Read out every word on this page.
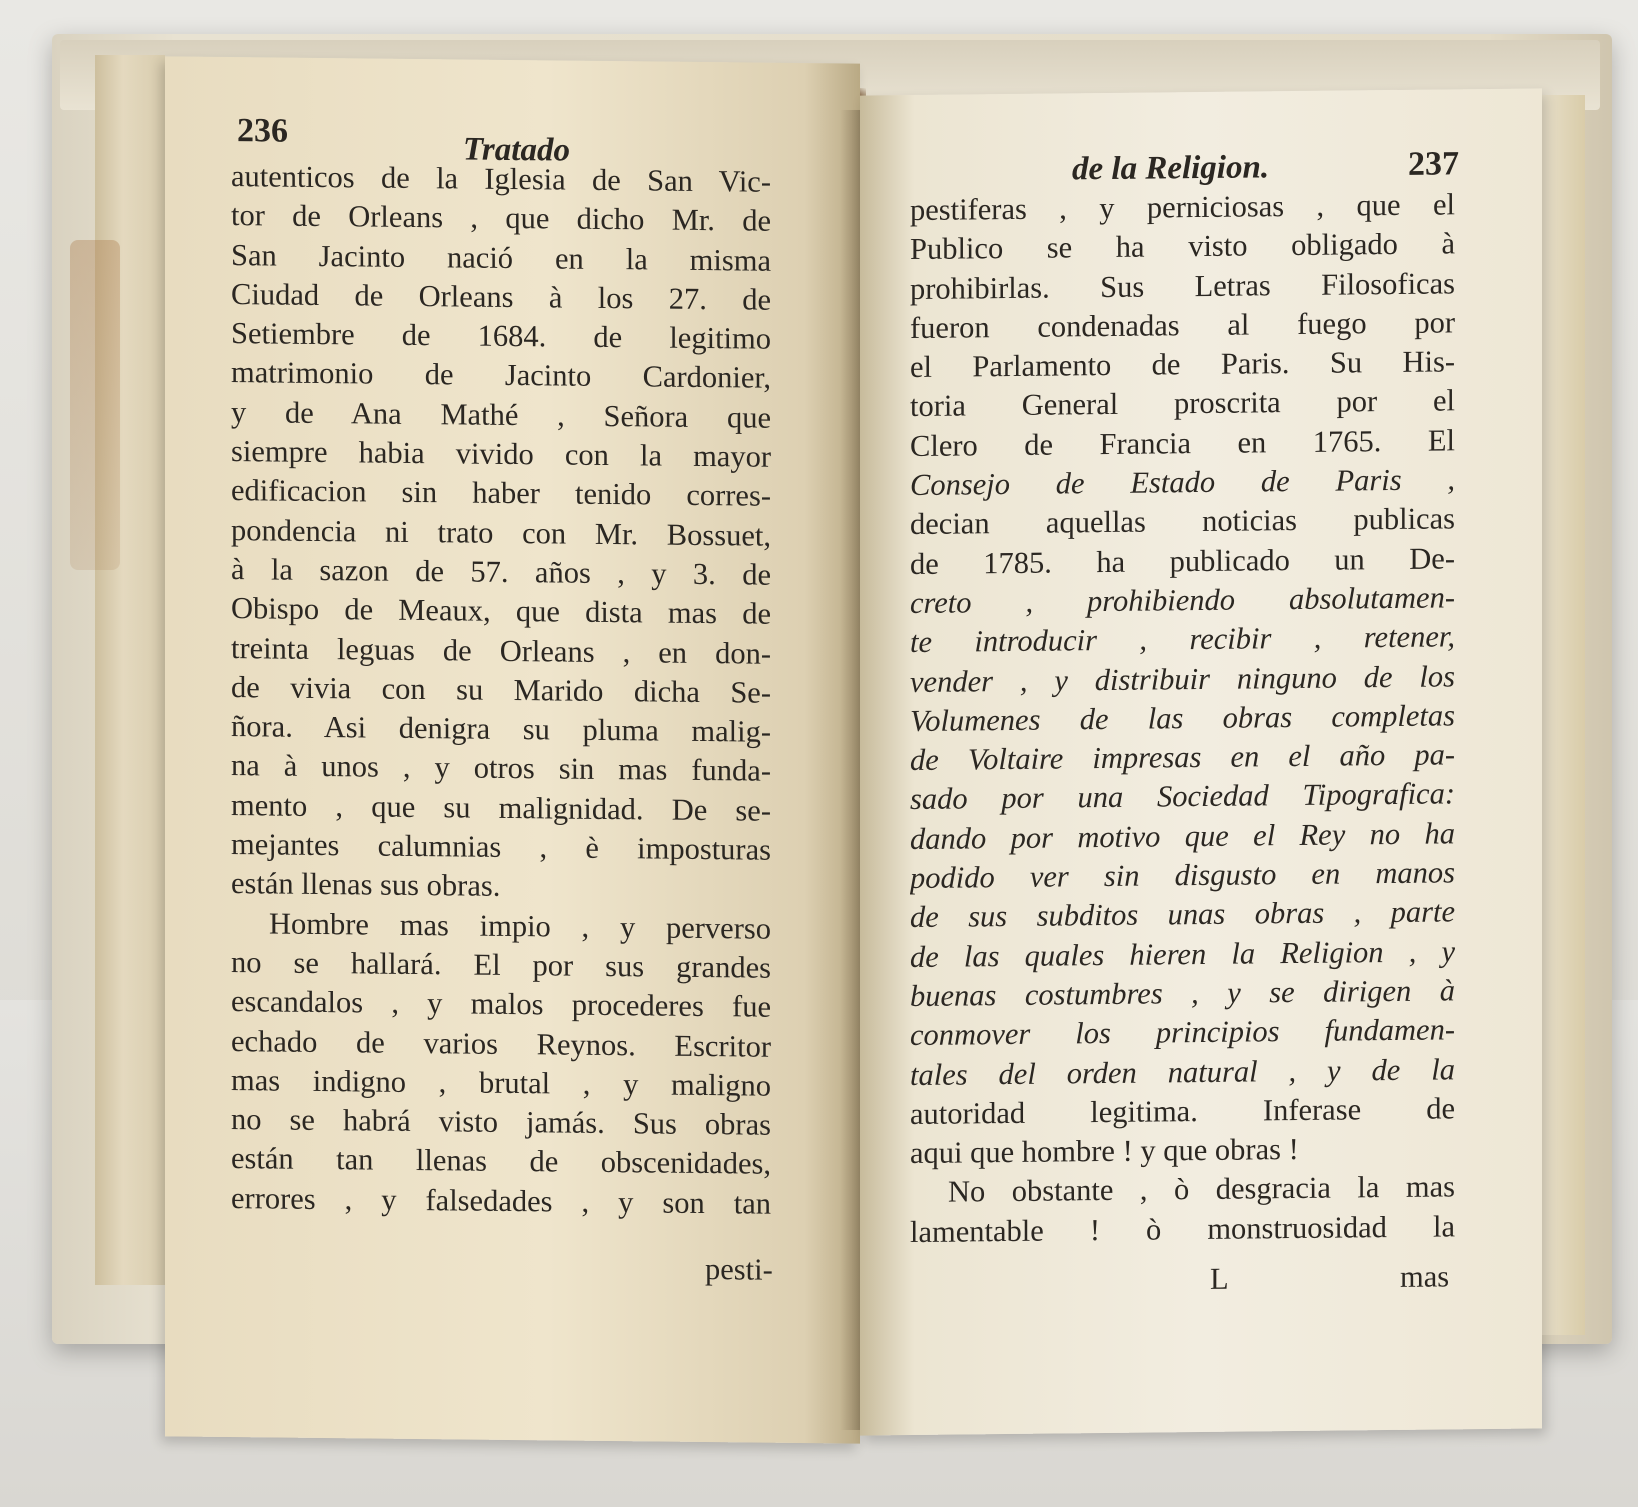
236
Tratado
autenticos de la Iglesia de San Vic-
tor de Orleans , que dicho Mr. de
San Jacinto nació en la misma
Ciudad de Orleans à los 27. de
Setiembre de 1684. de legitimo
matrimonio de Jacinto Cardonier,
y de Ana Mathé , Señora que
siempre habia vivido con la mayor
edificacion sin haber tenido corres-
pondencia ni trato con Mr. Bossuet,
à la sazon de 57. años , y 3. de
Obispo de Meaux, que dista mas de
treinta leguas de Orleans , en don-
de vivia con su Marido dicha Se-
ñora. Asi denigra su pluma malig-
na à unos , y otros sin mas funda-
mento , que su malignidad. De se-
mejantes calumnias , è imposturas
están llenas sus obras.
Hombre mas impio , y perverso
no se hallará. El por sus grandes
escandalos , y malos procederes fue
echado de varios Reynos. Escritor
mas indigno , brutal , y maligno
no se habrá visto jamás. Sus obras
están tan llenas de obscenidades,
errores , y falsedades , y son tan
pesti-
de la Religion.	237
pestiferas , y perniciosas , que el
Publico se ha visto obligado à
prohibirlas. Sus Letras Filosoficas
fueron condenadas al fuego por
el Parlamento de Paris. Su His-
toria General proscrita por el
Clero de Francia en 1765. El
Consejo de Estado de Paris ,
decian aquellas noticias publicas
de 1785. ha publicado un De-
creto , prohibiendo absolutamen-
te introducir , recibir , retener,
vender , y distribuir ninguno de los
Volumenes de las obras completas
de Voltaire impresas en el año pa-
sado por una Sociedad Tipografica:
dando por motivo que el Rey no ha
podido ver sin disgusto en manos
de sus subditos unas obras , parte
de las quales hieren la Religion , y
buenas costumbres , y se dirigen à
conmover los principios fundamen-
tales del orden natural , y de la
autoridad legitima. Inferase de
aqui que hombre ! y que obras !
No obstante , ò desgracia la mas
lamentable ! ò monstruosidad la
L	mas
